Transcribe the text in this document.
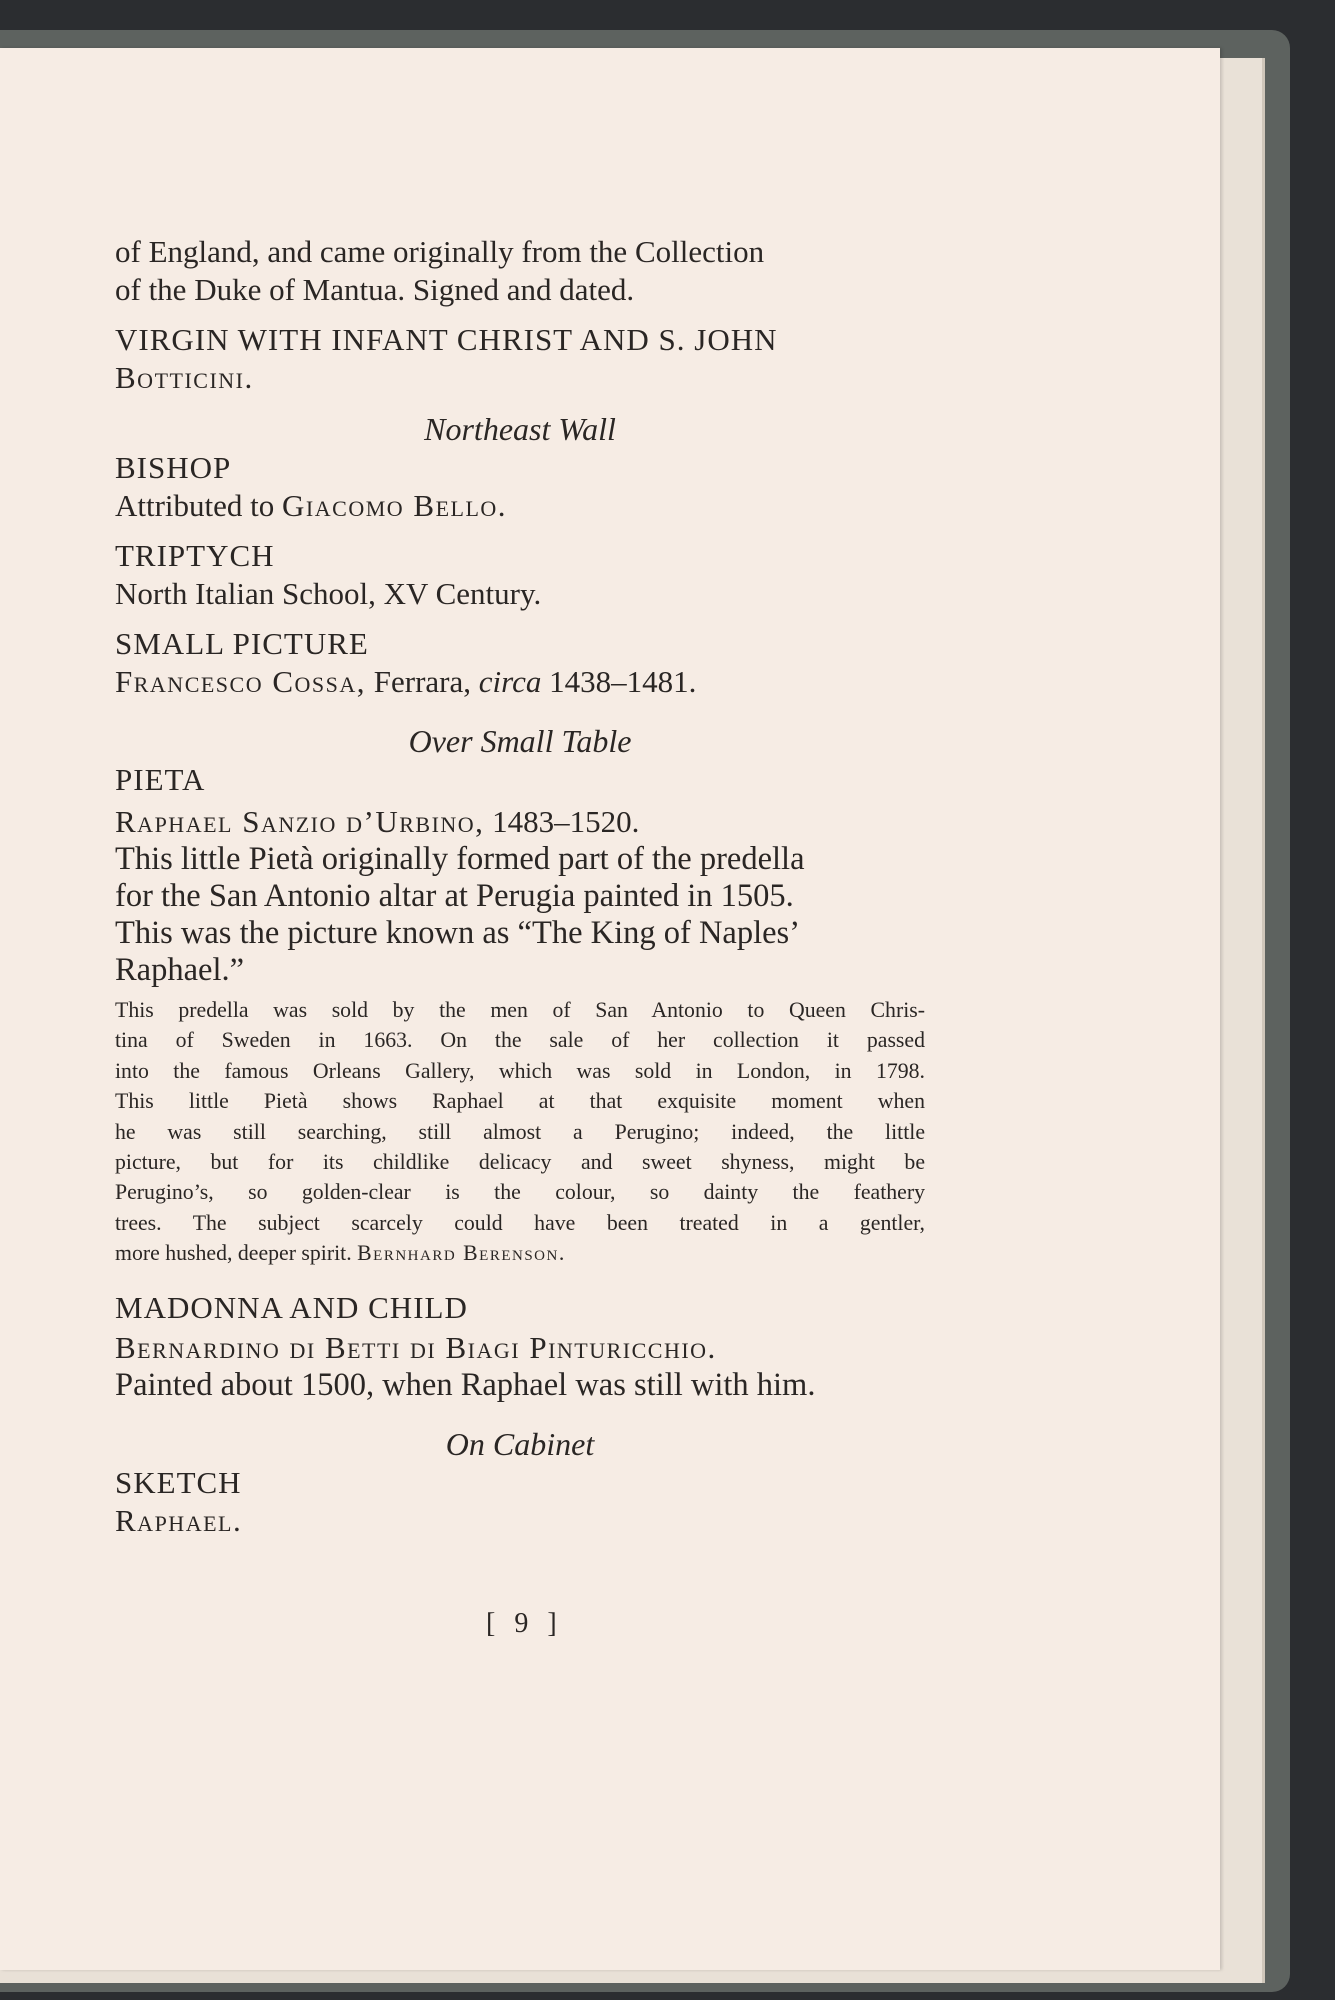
of England, and came originally from the Collection
of the Duke of Mantua. Signed and dated.
VIRGIN WITH INFANT CHRIST AND S. JOHN
Botticini.
Northeast Wall
BISHOP
Attributed to Giacomo Bello.
TRIPTYCH
North Italian School, XV Century.
SMALL PICTURE
Francesco Cossa, Ferrara, circa 1438–1481.
Over Small Table
PIETA
Raphael Sanzio d’Urbino, 1483–1520.
This little Pietà originally formed part of the predella
for the San Antonio altar at Perugia painted in 1505.
This was the picture known as “The King of Naples’
Raphael.”
This predella was sold by the men of San Antonio to Queen Chris-
tina of Sweden in 1663. On the sale of her collection it passed
into the famous Orleans Gallery, which was sold in London, in 1798.
This little Pietà shows Raphael at that exquisite moment when
he was still searching, still almost a Perugino; indeed, the little
picture, but for its childlike delicacy and sweet shyness, might be
Perugino’s, so golden-clear is the colour, so dainty the feathery
trees. The subject scarcely could have been treated in a gentler,
more hushed, deeper spirit. Bernhard Berenson.
MADONNA AND CHILD
Bernardino di Betti di Biagi Pinturicchio.
Painted about 1500, when Raphael was still with him.
On Cabinet
SKETCH
Raphael.
[ 9 ]
